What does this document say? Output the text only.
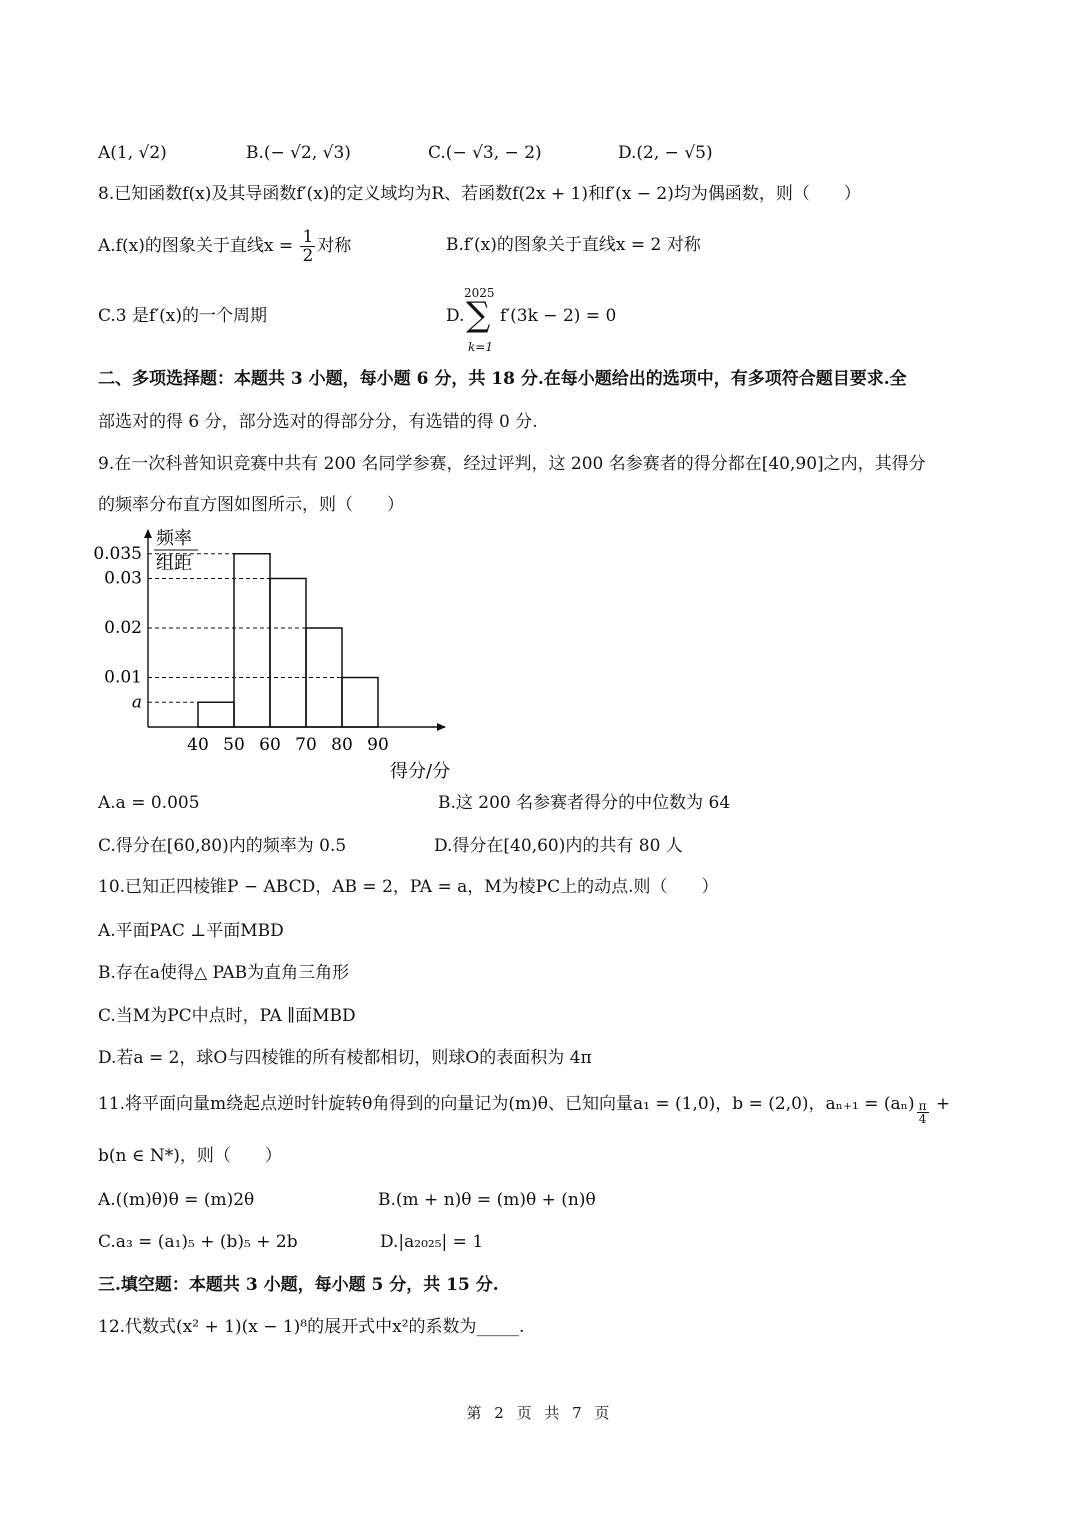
A(1, √2)	B.(− √2, √3)	C.(− √3, − 2)	D.(2, − √5)
8.已知函数f(x)及其导函数f′(x)的定义域均为R、若函数f(2x + 1)和f′(x − 2)均为偶函数，则（　　）
A.f(x)的图象关于直线$x = \frac{1}{2}$ 对称	B.f′(x)的图象关于直线x = 2 对称
C.3 是f′(x)的一个周期	D.
2025
∑
k=1
f′(3k − 2) = 0
二、多项选择题：本题共 3 小题，每小题 6 分，共 18 分.在每小题给出的选项中，有多项符合题目要求.全
部选对的得 6 分，部分选对的得部分分，有选错的得 0 分.
9.在一次科普知识竞赛中共有 200 名同学参赛，经过评判，这 200 名参赛者的得分都在[40,90]之内，其得分
的频率分布直方图如图所示，则（　　）
频率
组距
得分/分
a
0.01
0.02
0.03
0.035
40 50 60 70 80 90
A.a = 0.005	B.这 200 名参赛者得分的中位数为 64
C.得分在[60,80)内的频率为 0.5	D.得分在[40,60)内的共有 80 人
10.已知正四棱锥P − ABCD，AB = 2，PA = a，M为棱PC上的动点.则（　　）
A.平面PAC ⊥平面MBD
B.存在a使得△ PAB为直角三角形
C.当M为PC中点时，PA ∥面MBD
D.若a = 2，球O与四棱锥的所有棱都相切，则球O的表面积为 4π
11.将平面向量m绕起点逆时针旋转θ角得到的向量记为(m)θ、已知向量a₁ = (1,0)，b = (2,0)，$a_{n+1} = (a_n) \frac{\pi}{4}$ +
b(n ∈ N*)，则（　　）
A.((m)θ)θ = (m)2θ	B.(m + n)θ = (m)θ + (n)θ
C.a₃ = (a₁)₅ + (b)₅ + 2b	D.|a₂₀₂₅| = 1
三.填空题：本题共 3 小题，每小题 5 分，共 15 分.
12.代数式(x² + 1)(x − 1)⁸的展开式中x²的系数为_____.
第 2 页 共 7 页
